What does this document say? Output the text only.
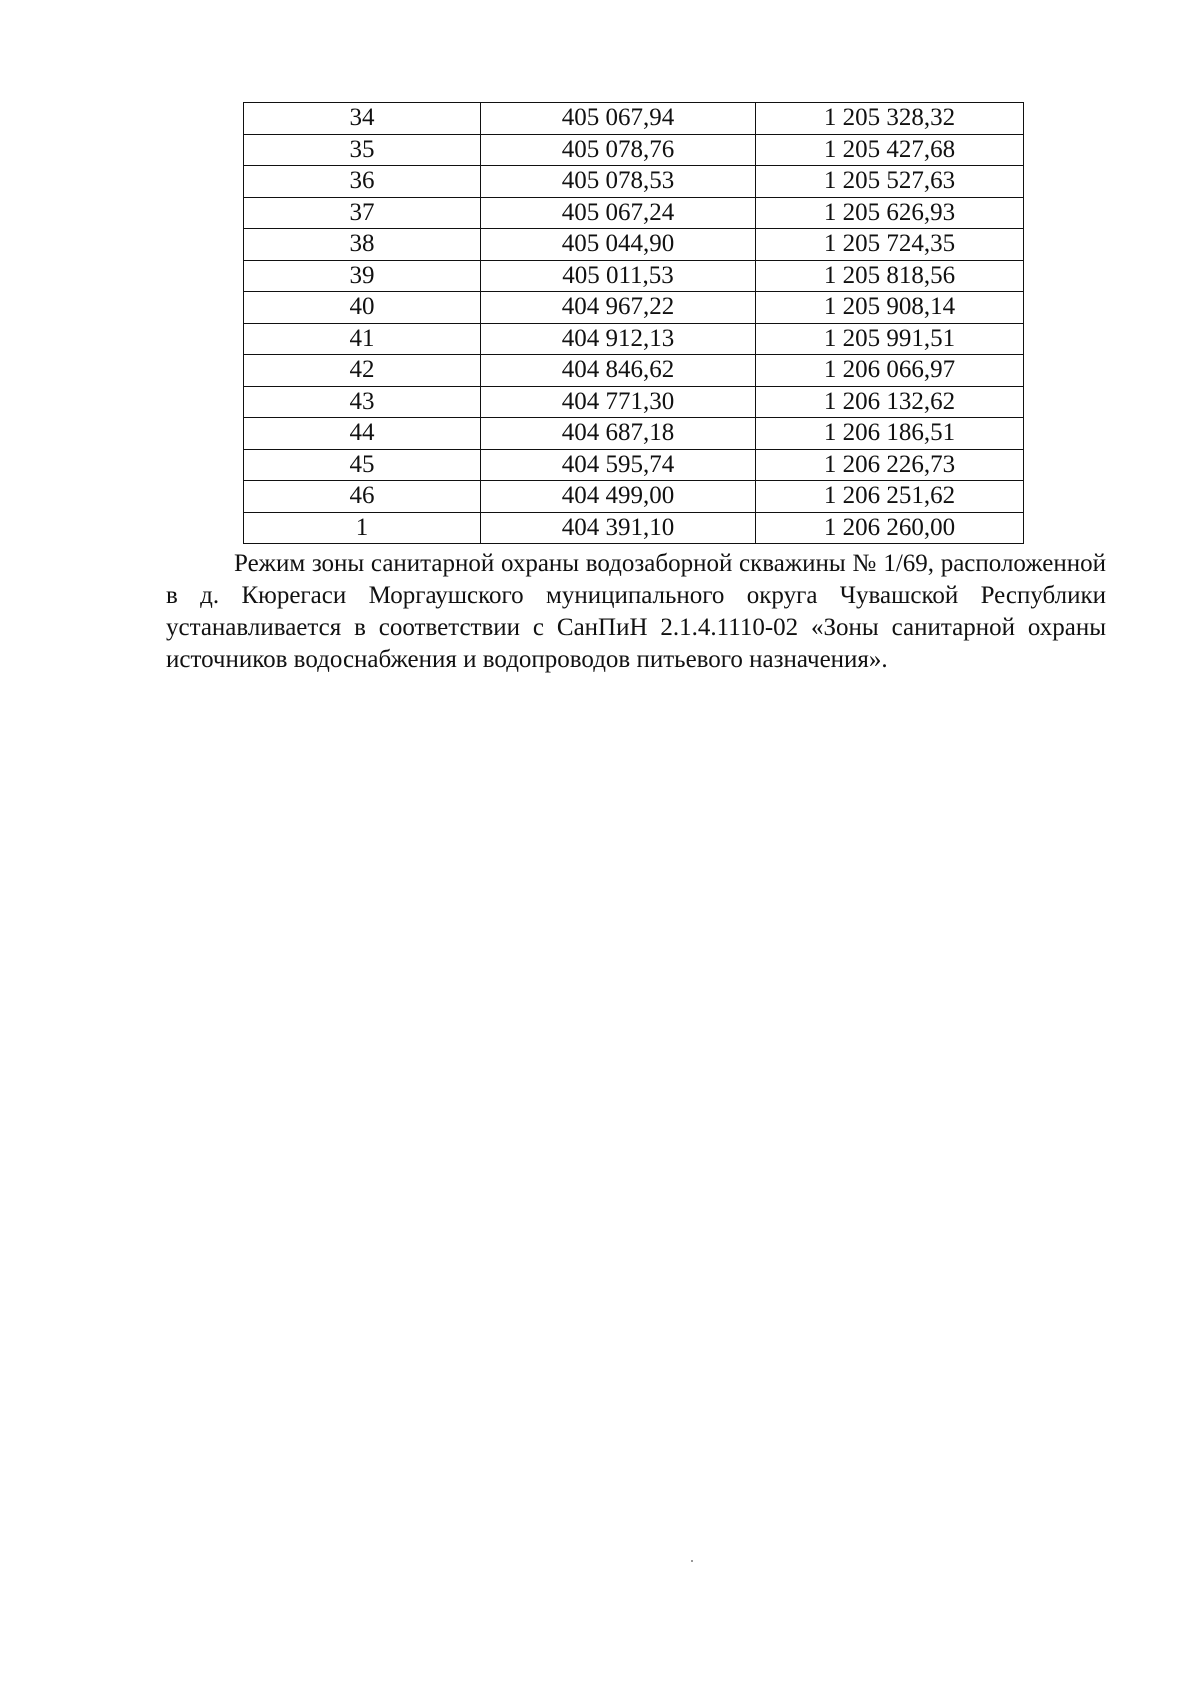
34	405 067,94	1 205 328,32
35	405 078,76	1 205 427,68
36	405 078,53	1 205 527,63
37	405 067,24	1 205 626,93
38	405 044,90	1 205 724,35
39	405 011,53	1 205 818,56
40	404 967,22	1 205 908,14
41	404 912,13	1 205 991,51
42	404 846,62	1 206 066,97
43	404 771,30	1 206 132,62
44	404 687,18	1 206 186,51
45	404 595,74	1 206 226,73
46	404 499,00	1 206 251,62
1	404 391,10	1 206 260,00

Режим зоны санитарной охраны водозаборной скважины № 1/69, расположенной в д. Кюрегаси Моргаушского муниципального округа Чувашской Республики устанавливается в соответствии с СанПиН 2.1.4.1110-02 «Зоны санитарной охраны источников водоснабжения и водопроводов питьевого назначения».
